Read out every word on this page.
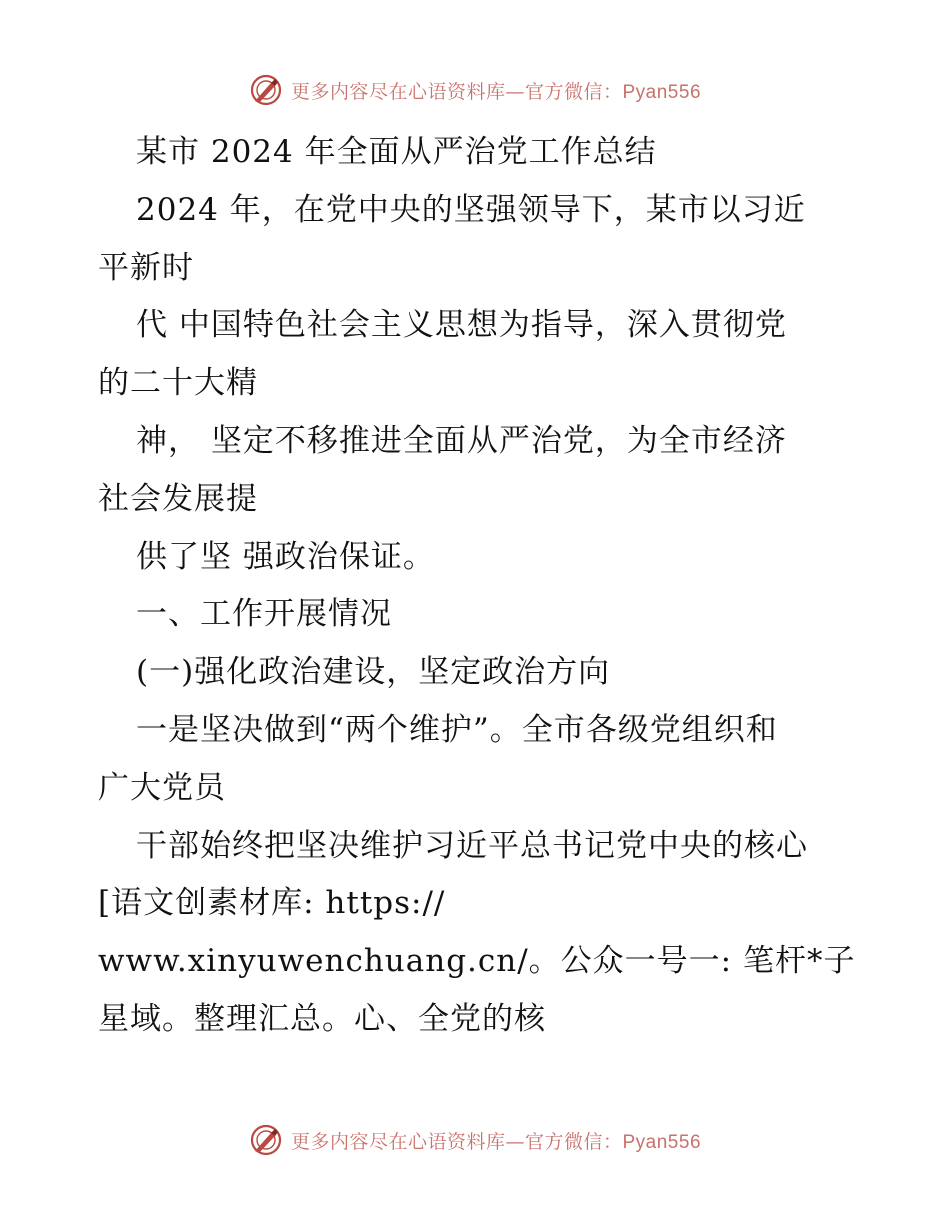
更多内容尽在心语资料库—官方微信：Pyan556
某市 2024 年全面从严治党工作总结
2024 年，在党中央的坚强领导下，某市以习近
平新时
代 中国特色社会主义思想为指导，深入贯彻党
的二十大精
神， 坚定不移推进全面从严治党，为全市经济
社会发展提
供了坚 强政治保证。
一、工作开展情况
(一)强化政治建设，坚定政治方向
一是坚决做到“两个维护”。全市各级党组织和
广大党员
干部始终把坚决维护习近平总书记党中央的核心
[语文创素材库: https://
www.xinyuwenchuang.cn/。公众一号一: 笔杆*子
星域。整理汇总。心、全党的核
更多内容尽在心语资料库—官方微信：Pyan556
